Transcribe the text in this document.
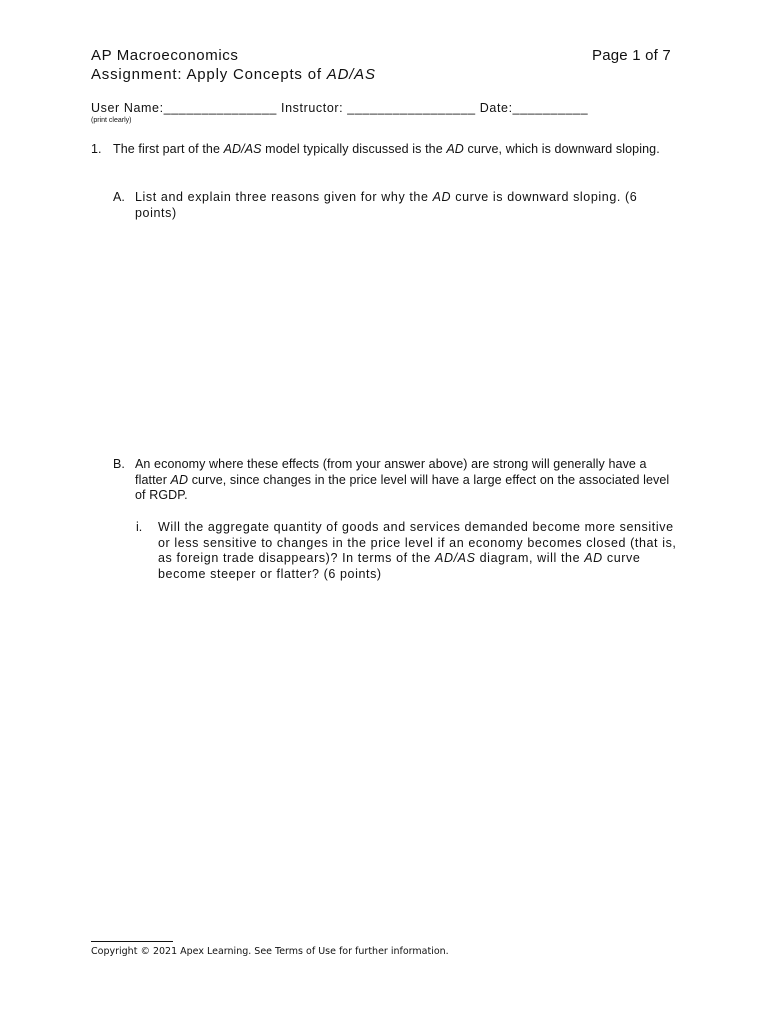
AP Macroeconomics	Page 1 of 7
Assignment: Apply Concepts of AD/AS
User Name:_______________ Instructor: _________________ Date:__________
(print clearly)
1. The first part of the AD/AS model typically discussed is the AD curve, which is downward sloping.
A. List and explain three reasons given for why the AD curve is downward sloping. (6 points)
B. An economy where these effects (from your answer above) are strong will generally have a flatter AD curve, since changes in the price level will have a large effect on the associated level of RGDP.
i. Will the aggregate quantity of goods and services demanded become more sensitive or less sensitive to changes in the price level if an economy becomes closed (that is, as foreign trade disappears)? In terms of the AD/AS diagram, will the AD curve become steeper or flatter? (6 points)
Copyright © 2021 Apex Learning. See Terms of Use for further information.
